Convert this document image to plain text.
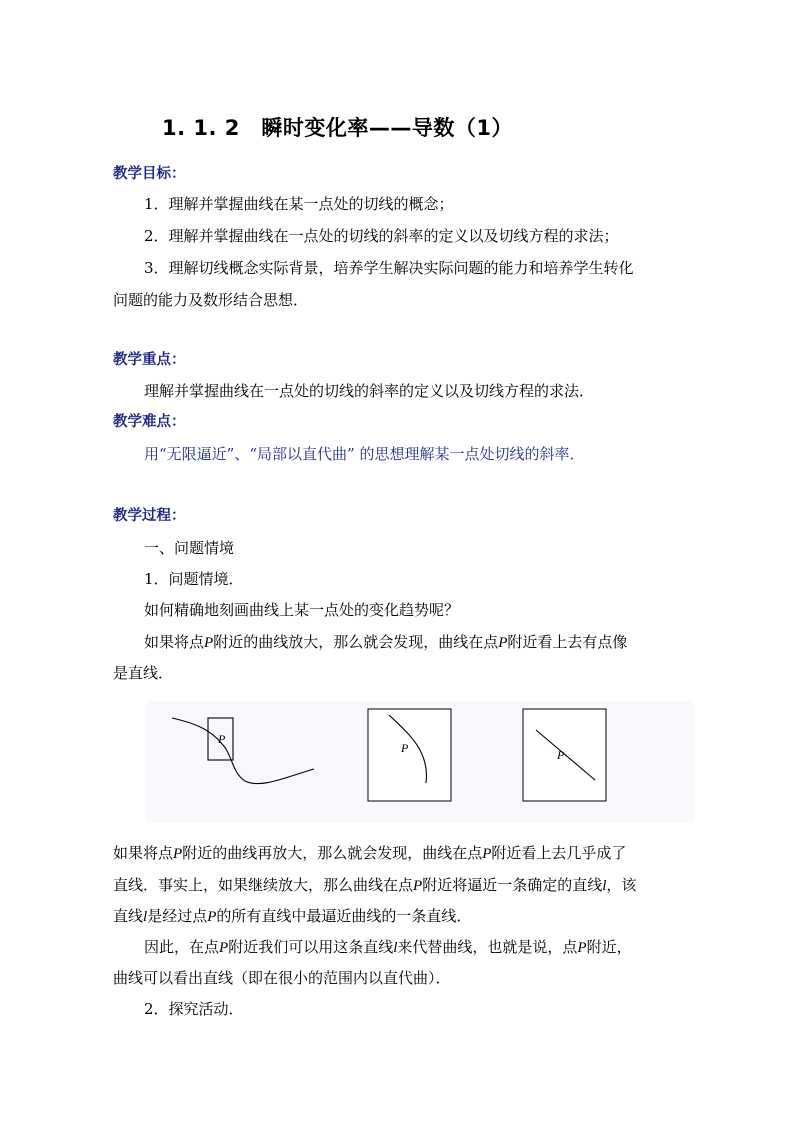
1. 1. 2　瞬时变化率——导数（1）
教学目标：
1．理解并掌握曲线在某一点处的切线的概念；
2．理解并掌握曲线在一点处的切线的斜率的定义以及切线方程的求法；
3．理解切线概念实际背景，培养学生解决实际问题的能力和培养学生转化
问题的能力及数形结合思想．
教学重点：
理解并掌握曲线在一点处的切线的斜率的定义以及切线方程的求法．
教学难点：
用“无限逼近”、“局部以直代曲” 的思想理解某一点处切线的斜率．
教学过程：
一、问题情境
1．问题情境．
如何精确地刻画曲线上某一点处的变化趋势呢？
如果将点P附近的曲线放大，那么就会发现，曲线在点P附近看上去有点像
是直线．
P
P	P
如果将点P附近的曲线再放大，那么就会发现，曲线在点P附近看上去几乎成了
直线．事实上，如果继续放大，那么曲线在点P附近将逼近一条确定的直线l，该
直线l是经过点P的所有直线中最逼近曲线的一条直线．
因此，在点P附近我们可以用这条直线l来代替曲线，也就是说，点P附近，
曲线可以看出直线（即在很小的范围内以直代曲）．
2．探究活动．
